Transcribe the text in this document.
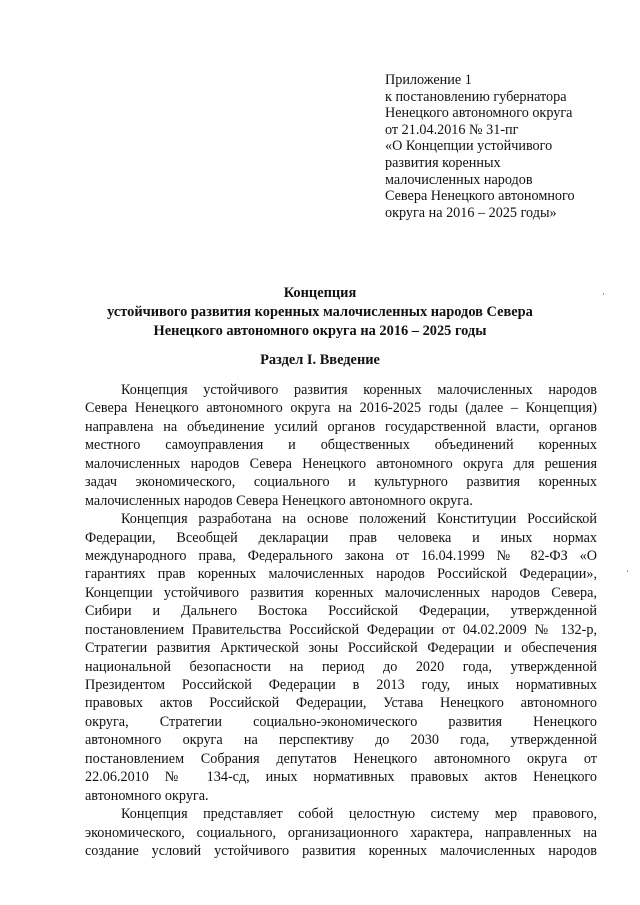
Приложение 1
к постановлению губернатора
Ненецкого автономного округа
от 21.04.2016 № 31-пг
«О Концепции устойчивого
развития коренных
малочисленных народов
Севера Ненецкого автономного
округа на 2016 – 2025 годы»
Концепция
устойчивого развития коренных малочисленных народов Севера
Ненецкого автономного округа на 2016 – 2025 годы
Раздел I. Введение
Концепция устойчивого развития коренных малочисленных народов
Севера Ненецкого автономного округа на 2016-2025 годы (далее – Концепция)
направлена на объединение усилий органов государственной власти, органов
местного самоуправления и общественных объединений коренных
малочисленных народов Севера Ненецкого автономного округа для решения
задач экономического, социального и культурного развития коренных
малочисленных народов Севера Ненецкого автономного округа.
Концепция разработана на основе положений Конституции Российской
Федерации, Всеобщей декларации прав человека и иных нормах
международного права, Федерального закона от 16.04.1999 № 82-ФЗ «О
гарантиях прав коренных малочисленных народов Российской Федерации»,
Концепции устойчивого развития коренных малочисленных народов Севера,
Сибири и Дальнего Востока Российской Федерации, утвержденной
постановлением Правительства Российской Федерации от 04.02.2009 № 132-р,
Стратегии развития Арктической зоны Российской Федерации и обеспечения
национальной безопасности на период до 2020 года, утвержденной
Президентом Российской Федерации в 2013 году, иных нормативных
правовых актов Российской Федерации, Устава Ненецкого автономного
округа, Стратегии социально-экономического развития Ненецкого
автономного округа на перспективу до 2030 года, утвержденной
постановлением Собрания депутатов Ненецкого автономного округа от
22.06.2010 № 134-сд, иных нормативных правовых актов Ненецкого
автономного округа.
Концепция представляет собой целостную систему мер правового,
экономического, социального, организационного характера, направленных на
создание условий устойчивого развития коренных малочисленных народов
